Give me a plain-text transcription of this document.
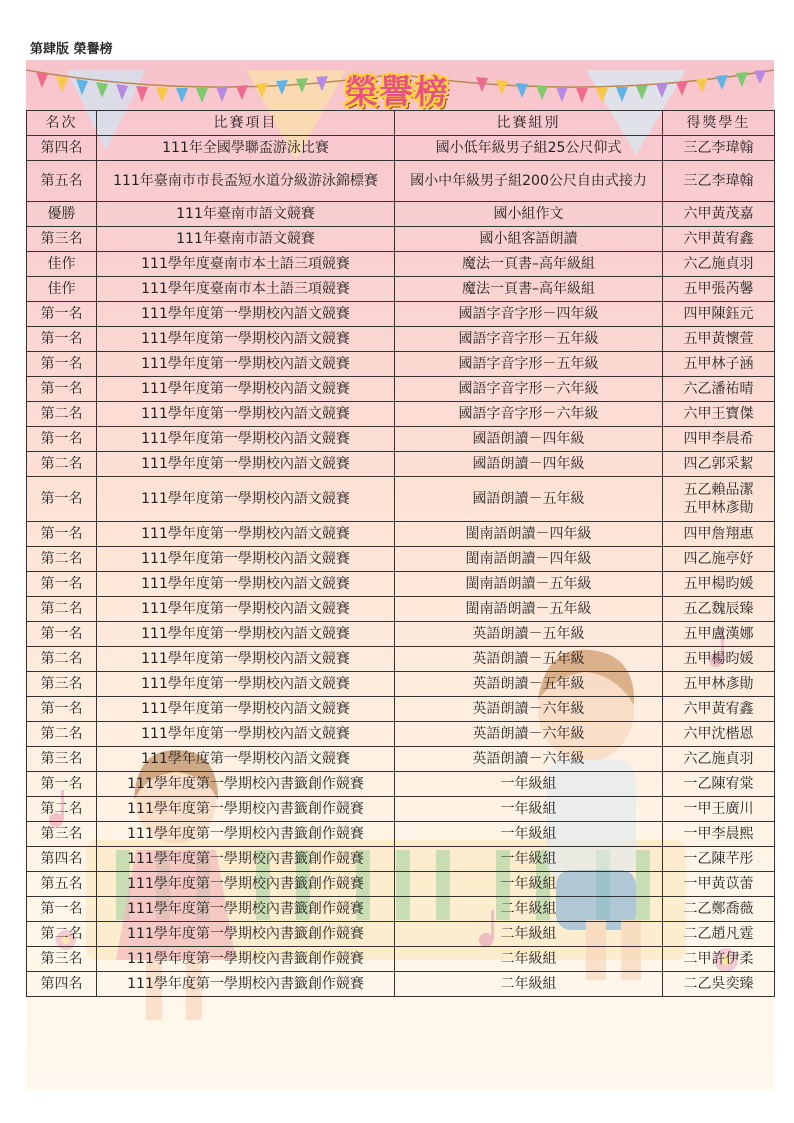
第肆版 榮譽榜
榮譽榜
名次	比賽項目	比賽組別	得獎學生
第四名	111年全國學聯盃游泳比賽	國小低年級男子組25公尺仰式	三乙李瑋翰
第五名	111年臺南市市長盃短水道分級游泳錦標賽	國小中年級男子組200公尺自由式接力	三乙李瑋翰
優勝	111年臺南市語文競賽	國小組作文	六甲黃茂嘉
第三名	111年臺南市語文競賽	國小組客語朗讀	六甲黃宥鑫
佳作	111學年度臺南市本土語三項競賽	魔法一頁書–高年級組	六乙施貞羽
佳作	111學年度臺南市本土語三項競賽	魔法一頁書–高年級組	五甲張芮馨
第一名	111學年度第一學期校內語文競賽	國語字音字形－四年級	四甲陳鈺元
第一名	111學年度第一學期校內語文競賽	國語字音字形－五年級	五甲黃懷萱
第一名	111學年度第一學期校內語文競賽	國語字音字形－五年級	五甲林子涵
第一名	111學年度第一學期校內語文競賽	國語字音字形－六年級	六乙潘祐晴
第二名	111學年度第一學期校內語文競賽	國語字音字形－六年級	六甲王寶傑
第一名	111學年度第一學期校內語文競賽	國語朗讀－四年級	四甲李晨希
第二名	111學年度第一學期校內語文競賽	國語朗讀－四年級	四乙郭采絜
第一名	111學年度第一學期校內語文競賽	國語朗讀－五年級	五乙賴品潔
五甲林彥勛
第一名	111學年度第一學期校內語文競賽	閩南語朗讀－四年級	四甲詹翔惠
第二名	111學年度第一學期校內語文競賽	閩南語朗讀－四年級	四乙施亭妤
第一名	111學年度第一學期校內語文競賽	閩南語朗讀－五年級	五甲楊昀媛
第二名	111學年度第一學期校內語文競賽	閩南語朗讀－五年級	五乙魏辰臻
第一名	111學年度第一學期校內語文競賽	英語朗讀－五年級	五甲盧漢娜
第二名	111學年度第一學期校內語文競賽	英語朗讀－五年級	五甲楊昀媛
第三名	111學年度第一學期校內語文競賽	英語朗讀－五年級	五甲林彥勛
第一名	111學年度第一學期校內語文競賽	英語朗讀－六年級	六甲黃宥鑫
第二名	111學年度第一學期校內語文競賽	英語朗讀－六年級	六甲沈楷恩
第三名	111學年度第一學期校內語文競賽	英語朗讀－六年級	六乙施貞羽
第一名	111學年度第一學期校內書籤創作競賽	一年級組	一乙陳宥棠
第二名	111學年度第一學期校內書籤創作競賽	一年級組	一甲王廣川
第三名	111學年度第一學期校內書籤創作競賽	一年級組	一甲李晨熙
第四名	111學年度第一學期校內書籤創作競賽	一年級組	一乙陳芊彤
第五名	111學年度第一學期校內書籤創作競賽	一年級組	一甲黃苡蕾
第一名	111學年度第一學期校內書籤創作競賽	二年級組	二乙鄭喬薇
第二名	111學年度第一學期校內書籤創作競賽	二年級組	二乙趙凡霆
第三名	111學年度第一學期校內書籤創作競賽	二年級組	二甲許伊柔
第四名	111學年度第一學期校內書籤創作競賽	二年級組	二乙吳奕臻
